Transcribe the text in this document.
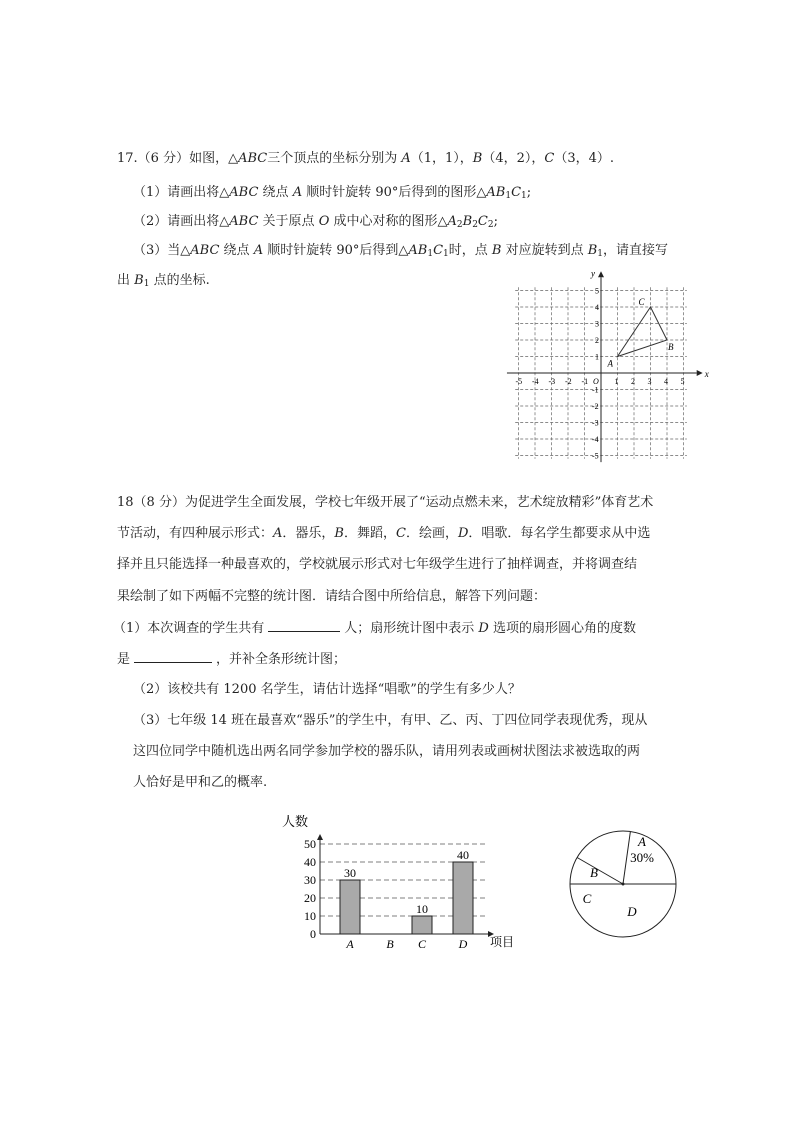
17.（6 分）如图，△ABC三个顶点的坐标分别为 A（1，1），B（4，2），C（3，4）.
（1）请画出将△ABC 绕点 A 顺时针旋转 90°后得到的图形$\triangle AB_1C_1$;
（2）请画出将△ABC 关于原点 O 成中心对称的图形$\triangle A_2B_2C_2$;
（3）当△ABC 绕点 A 顺时针旋转 90°后得到$\triangle AB_1C_1$时，点 B 对应旋转到点 $B_1$，请直接写
出 $B_1$ 点的坐标.
-5 -4 -3 -2 -1	1 2 3 4 5
5
4
3
2
1
-1
-2
-3
-4
-5
A
B
C
x
y
O
18（8 分）为促进学生全面发展，学校七年级开展了“运动点燃未来，艺术绽放精彩”体育艺术
节活动，有四种展示形式：A．器乐，B．舞蹈，C．绘画，D．唱歌．每名学生都要求从中选
择并且只能选择一种最喜欢的，学校就展示形式对七年级学生进行了抽样调查，并将调查结
果绘制了如下两幅不完整的统计图．请结合图中所给信息，解答下列问题：
（1）本次调查的学生共有	人；扇形统计图中表示 D 选项的扇形圆心角的度数
是	，并补全条形统计图；
（2）该校共有 1200 名学生，请估计选择“唱歌”的学生有多少人？
（3）七年级 14 班在最喜欢“器乐”的学生中，有甲、乙、丙、丁四位同学表现优秀，现从
这四位同学中随机选出两名同学参加学校的器乐队，请用列表或画树状图法求被选取的两
人恰好是甲和乙的概率.
人数
项目
0
10
20
30
40
50
30
A	B
10
C
40
D
A
30%
B
C
D
